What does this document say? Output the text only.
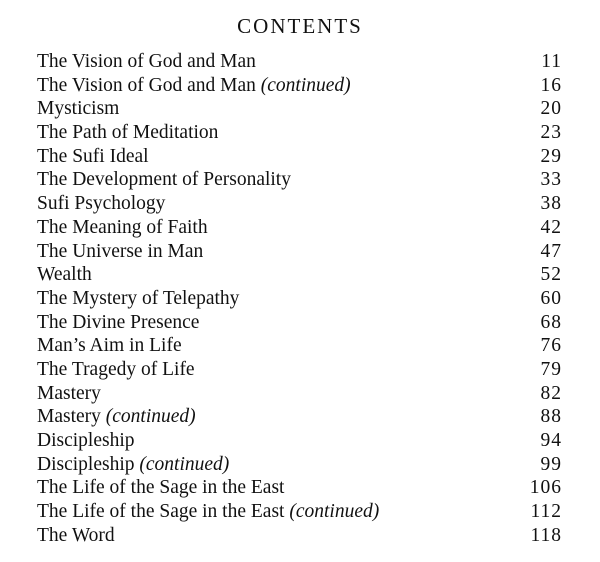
CONTENTS
The Vision of God and Man	11
The Vision of God and Man (continued)	16
Mysticism	20
The Path of Meditation	23
The Sufi Ideal	29
The Development of Personality	33
Sufi Psychology	38
The Meaning of Faith	42
The Universe in Man	47
Wealth	52
The Mystery of Telepathy	60
The Divine Presence	68
Man’s Aim in Life	76
The Tragedy of Life	79
Mastery	82
Mastery (continued)	88
Discipleship	94
Discipleship (continued)	99
The Life of the Sage in the East	106
The Life of the Sage in the East (continued)	112
The Word	118
